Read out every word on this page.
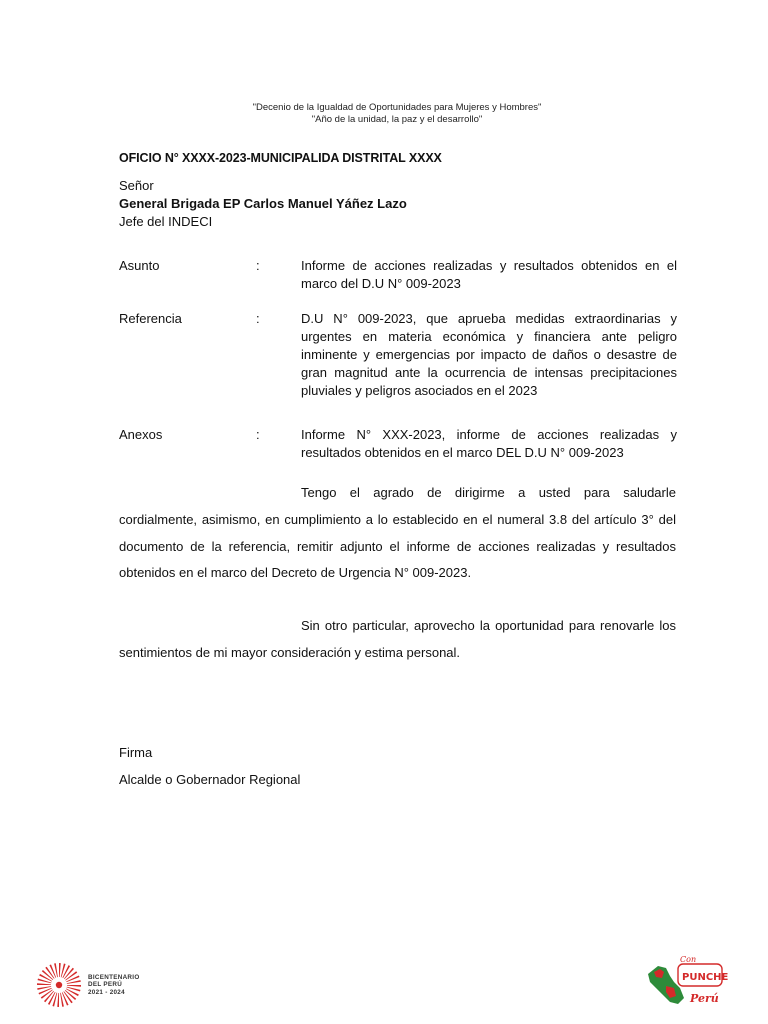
"Decenio de la Igualdad de Oportunidades para Mujeres y Hombres"
"Año de la unidad, la paz y el desarrollo"
OFICIO N° XXXX-2023-MUNICIPALIDA DISTRITAL XXXX
Señor
General Brigada EP Carlos Manuel Yáñez Lazo
Jefe del INDECI
Asunto	:	Informe de acciones realizadas y resultados obtenidos en el marco del D.U N° 009-2023
Referencia	:	D.U N° 009-2023, que aprueba medidas extraordinarias y urgentes en materia económica y financiera ante peligro inminente y emergencias por impacto de daños o desastre de gran magnitud ante la ocurrencia de intensas precipitaciones pluviales y peligros asociados en el 2023
Anexos	:	Informe N° XXX-2023, informe de acciones realizadas y resultados obtenidos en el marco DEL D.U N° 009-2023
Tengo el agrado de dirigirme a usted para saludarle cordialmente, asimismo, en cumplimiento a lo establecido en el numeral 3.8 del artículo 3° del documento de la referencia, remitir adjunto el informe de acciones realizadas y resultados obtenidos en el marco del Decreto de Urgencia N° 009-2023.
Sin otro particular, aprovecho la oportunidad para renovarle los sentimientos de mi mayor consideración y estima personal.
Firma
Alcalde o Gobernador Regional
BICENTENARIO
DEL PERÚ
2021 - 2024
Con
PUNCHE
Perú
